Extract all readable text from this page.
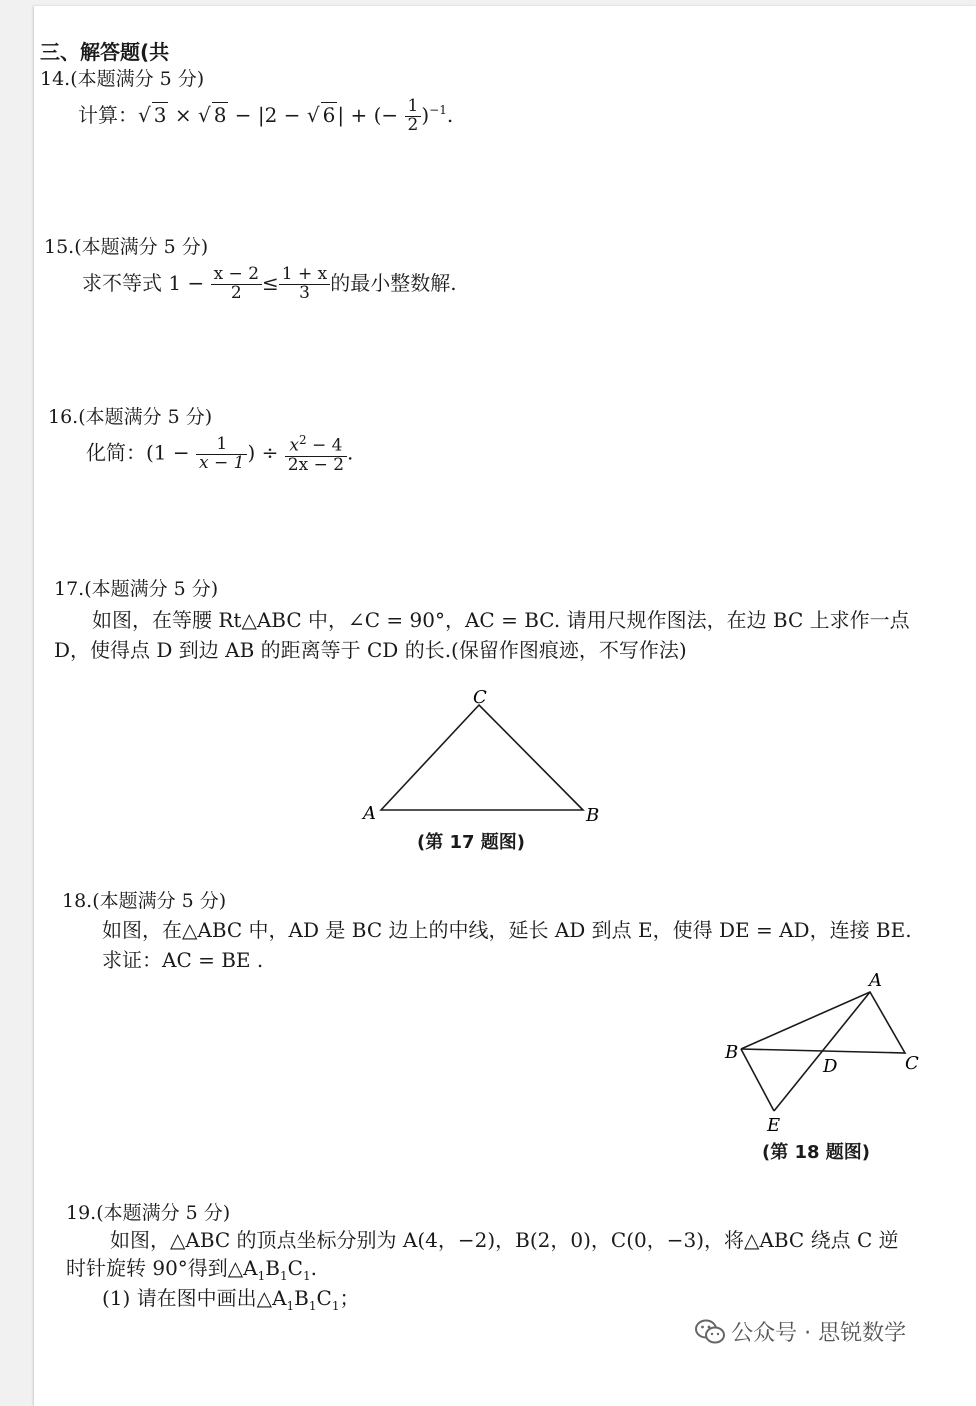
三、解答题(共
14.(本题满分 5 分)
计算：√ 3 × √ 8 − |2 − √ 6 | + (− $\frac{1}{2} )^{-1}$.
15.(本题满分 5 分)
求不等式 $1 - \frac{x - 2}{2} \le \frac{1 + x}{3}$ 的最小整数解.
16.(本题满分 5 分)
化简：($1 - \frac{1}{x - 1}$ ) ÷ $\frac{x^2 - 4}{2x - 2}$ .
17.(本题满分 5 分)
如图，在等腰 Rt△ABC 中，∠C = 90°，AC = BC. 请用尺规作图法，在边 BC 上求作一点
D，使得点 D 到边 AB 的距离等于 CD 的长.(保留作图痕迹，不写作法)
C
A	B
(第 17 题图)
18.(本题满分 5 分)
如图，在△ABC 中，AD 是 BC 边上的中线，延长 AD 到点 E，使得 DE = AD，连接 BE.
求证：AC = BE .
A
B
C
D
E
(第 18 题图)
19.(本题满分 5 分)
如图，△ABC 的顶点坐标分别为 A(4，−2)，B(2，0)，C(0，−3)，将△ABC 绕点 C 逆
时针旋转 90°得到$\triangle A_1B_1C_1$.
(1) 请在图中画出$\triangle A_1B_1C_1$；
公众号 · 思锐数学
